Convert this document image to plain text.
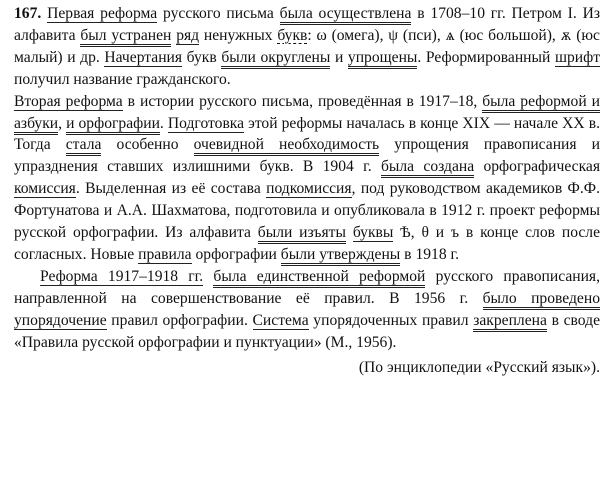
167. Первая реформа русского письма была осуществлена в 1708–10 гг. Петром I. Из алфавита был устранен ряд ненужных букв: ω (омега), ψ (пси), ѧ (юс большой), ѫ (юс малый) и др. Начертания букв были округлены и упрощены. Реформированный шрифт получил название гражданского.

Вторая реформа в истории русского письма, проведённая в 1917–18, была реформой и азбуки, и орфографии. Подготовка этой реформы началась в конце XIX — начале XX в. Тогда стала особенно очевидной необходимость упрощения правописания и упразднения ставших излишними букв. В 1904 г. была создана орфографическая комиссия. Выделенная из её состава подкомиссия, под руководством академиков Ф.Ф. Фортунатова и А.А. Шахматова, подготовила и опубликовала в 1912 г. проект реформы русской орфографии. Из алфавита были изъяты буквы Ѣ, θ и ъ в конце слов после согласных. Новые правила орфографии были утверждены в 1918 г.

Реформа 1917–1918 гг. была единственной реформой русского правописания, направленной на совершенствование её правил. В 1956 г. было проведено упорядочение правил орфографии. Система упорядоченных правил закреплена в своде «Правила русской орфографии и пунктуации» (М., 1956).

(По энциклопедии «Русский язык»).
